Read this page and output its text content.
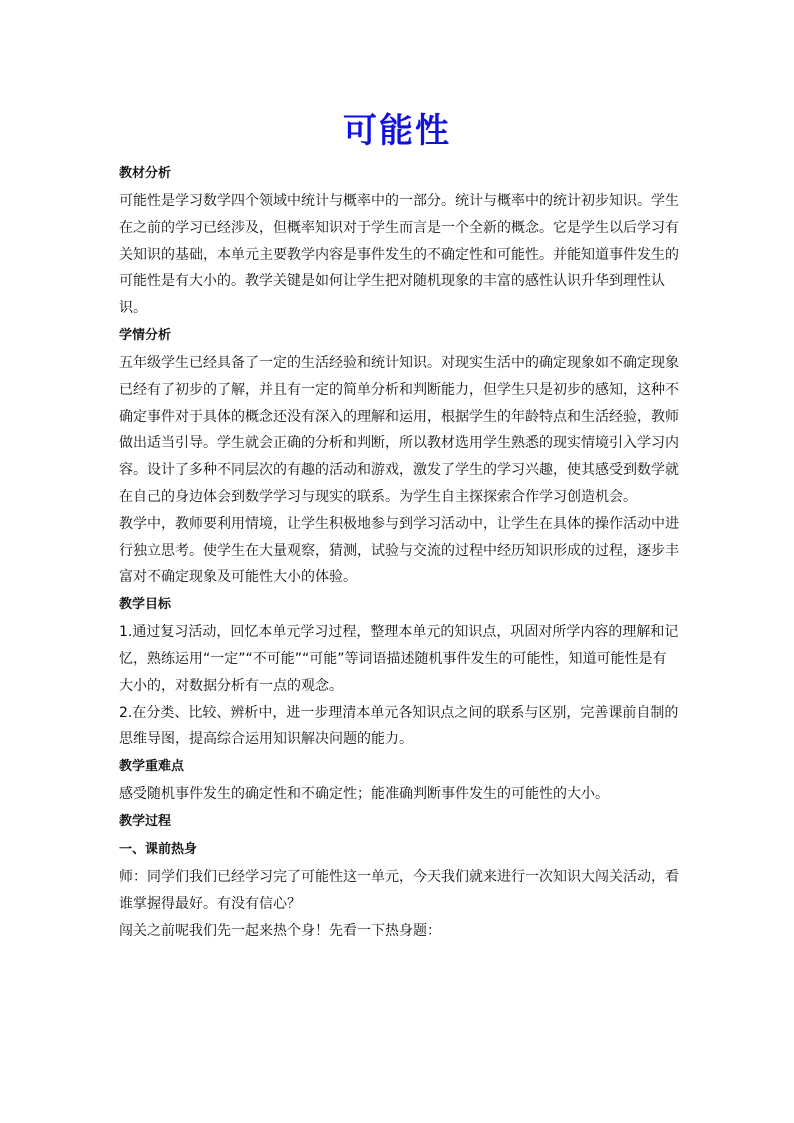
可能性

教材分析

可能性是学习数学四个领域中统计与概率中的一部分。统计与概率中的统计初步知识。学生在之前的学习已经涉及，但概率知识对于学生而言是一个全新的概念。它是学生以后学习有关知识的基础，本单元主要教学内容是事件发生的不确定性和可能性。并能知道事件发生的可能性是有大小的。教学关键是如何让学生把对随机现象的丰富的感性认识升华到理性认识。

学情分析

五年级学生已经具备了一定的生活经验和统计知识。对现实生活中的确定现象如不确定现象已经有了初步的了解，并且有一定的简单分析和判断能力，但学生只是初步的感知，这种不确定事件对于具体的概念还没有深入的理解和运用，根据学生的年龄特点和生活经验，教师做出适当引导。学生就会正确的分析和判断，所以教材选用学生熟悉的现实情境引入学习内容。设计了多种不同层次的有趣的活动和游戏，激发了学生的学习兴趣，使其感受到数学就在自己的身边体会到数学学习与现实的联系。为学生自主探探索合作学习创造机会。

教学中，教师要利用情境，让学生积极地参与到学习活动中，让学生在具体的操作活动中进行独立思考。使学生在大量观察，猜测，试验与交流的过程中经历知识形成的过程，逐步丰富对不确定现象及可能性大小的体验。

教学目标

1.通过复习活动，回忆本单元学习过程，整理本单元的知识点，巩固对所学内容的理解和记忆，熟练运用“一定”“不可能”“可能”等词语描述随机事件发生的可能性，知道可能性是有大小的，对数据分析有一点的观念。

2.在分类、比较、辨析中，进一步理清本单元各知识点之间的联系与区别，完善课前自制的思维导图，提高综合运用知识解决问题的能力。

教学重难点

感受随机事件发生的确定性和不确定性；能准确判断事件发生的可能性的大小。

教学过程

一、课前热身

师：同学们我们已经学习完了可能性这一单元，今天我们就来进行一次知识大闯关活动，看谁掌握得最好。有没有信心？

闯关之前呢我们先一起来热个身！先看一下热身题：
